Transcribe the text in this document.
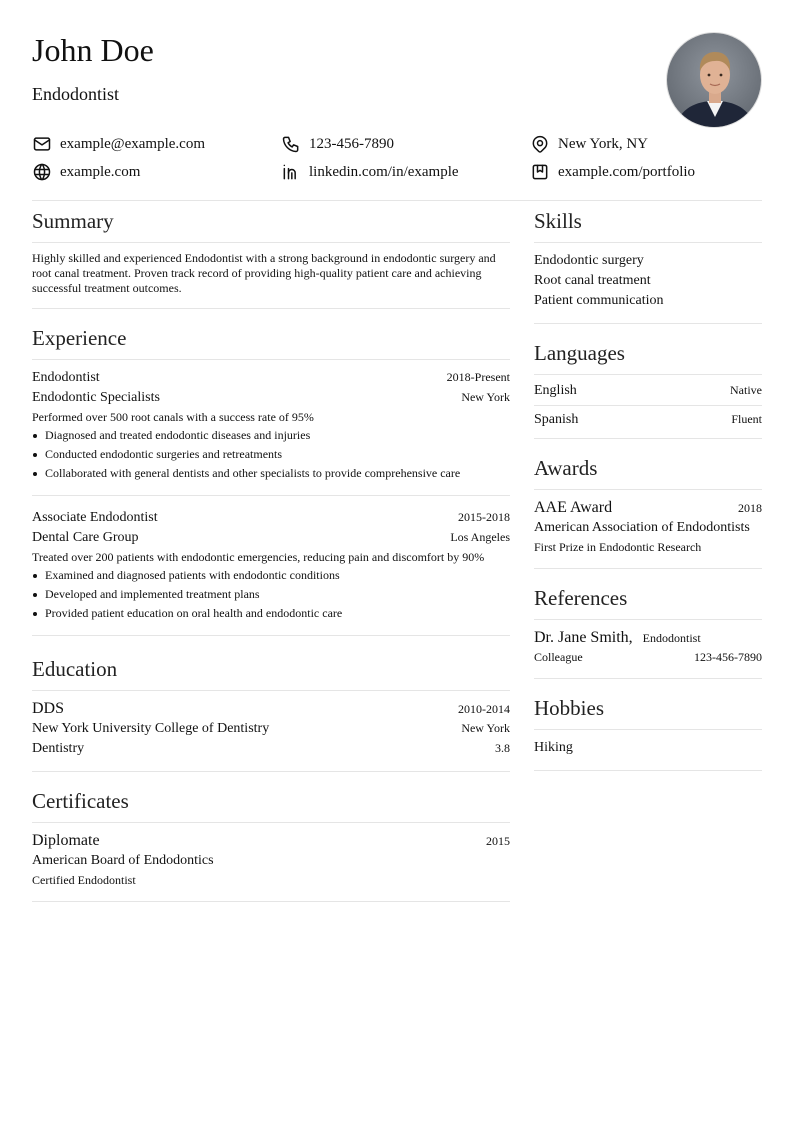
John Doe
Endodontist
example@example.com	123-456-7890	New York, NY
example.com	linkedin.com/in/example	example.com/portfolio
Summary

Highly skilled and experienced Endodontist with a strong background in endodontic surgery and root canal treatment. Proven track record of providing high-quality patient care and achieving successful treatment outcomes.

Experience
Endodontist	2018-Present
Endodontic Specialists	New York
Performed over 500 root canals with a success rate of 95%
Diagnosed and treated endodontic diseases and injuries
Conducted endodontic surgeries and retreatments
Collaborated with general dentists and other specialists to provide comprehensive care
Associate Endodontist	2015-2018
Dental Care Group	Los Angeles
Treated over 200 patients with endodontic emergencies, reducing pain and discomfort by 90%
Examined and diagnosed patients with endodontic conditions
Developed and implemented treatment plans
Provided patient education on oral health and endodontic care
Education
DDS	2010-2014
New York University College of Dentistry	New York
Dentistry	3.8
Certificates
Diplomate	2015
American Board of Endodontics
Certified Endodontist
Skills
Endodontic surgery
Root canal treatment
Patient communication
Languages
English	Native
Spanish	Fluent
Awards
AAE Award	2018
American Association of Endodontists
First Prize in Endodontic Research
References
Dr. Jane Smith, Endodontist
Colleague	123-456-7890
Hobbies
Hiking
